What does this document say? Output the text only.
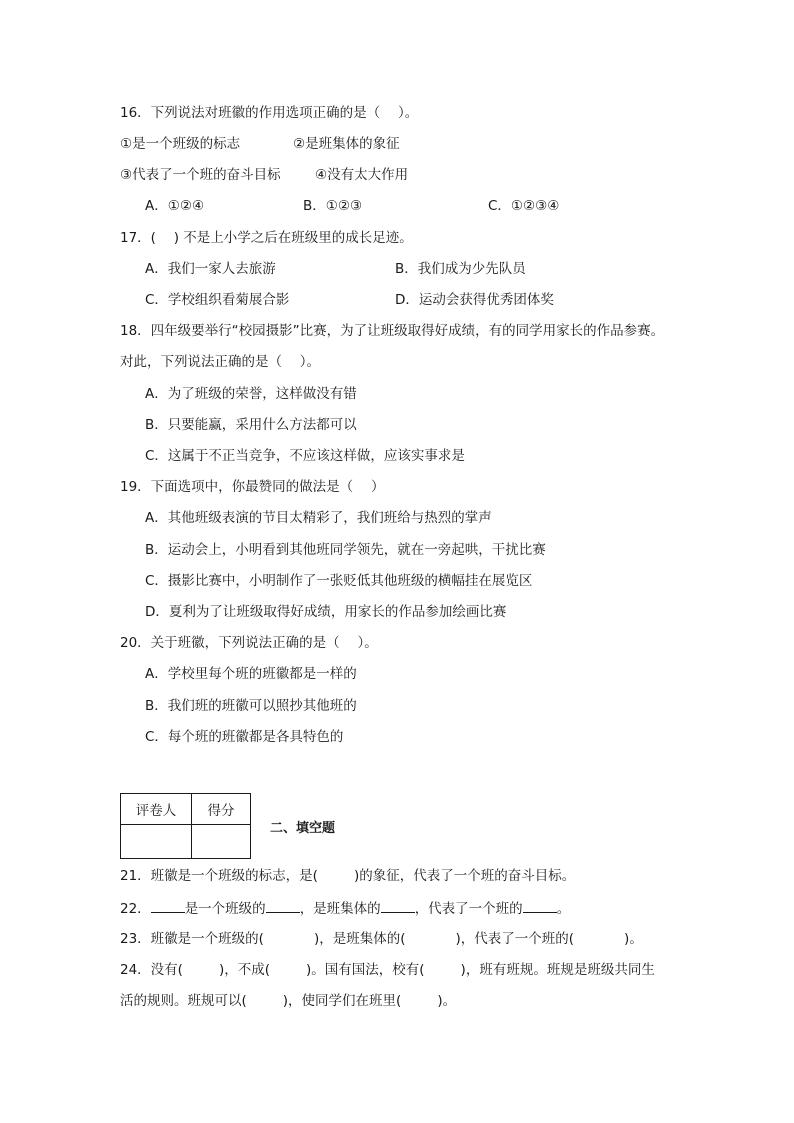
16．下列说法对班徽的作用选项正确的是（　 ）。
①是一个班级的标志	②是班集体的象征
③代表了一个班的奋斗目标	④没有太大作用
A．①②④	B．①②③	C．①②③④
17．(　 ) 不是上小学之后在班级里的成长足迹。
A．我们一家人去旅游	B．我们成为少先队员
C．学校组织看菊展合影	D．运动会获得优秀团体奖
18．四年级要举行“校园摄影”比赛，为了让班级取得好成绩，有的同学用家长的作品参赛。
对此，下列说法正确的是（　 ）。
A．为了班级的荣誉，这样做没有错
B．只要能赢，采用什么方法都可以
C．这属于不正当竞争，不应该这样做，应该实事求是
19．下面选项中，你最赞同的做法是（　 ）
A．其他班级表演的节目太精彩了，我们班给与热烈的掌声
B．运动会上，小明看到其他班同学领先，就在一旁起哄，干扰比赛
C．摄影比赛中，小明制作了一张贬低其他班级的横幅挂在展览区
D．夏利为了让班级取得好成绩，用家长的作品参加绘画比赛
20．关于班徽，下列说法正确的是（　 ）。
A．学校里每个班的班徽都是一样的
B．我们班的班徽可以照抄其他班的
C．每个班的班徽都是各具特色的
评卷人	得分

二、填空题
21．班徽是一个班级的标志，是(	)的象征，代表了一个班的奋斗目标。
22．	是一个班级的	，是班集体的	，代表了一个班的	。
23．班徽是一个班级的(	)，是班集体的(	)，代表了一个班的(	)。
24．没有(	)，不成(	)。国有国法，校有(	)，班有班规。班规是班级共同生
活的规则。班规可以(	)，使同学们在班里(	)。
